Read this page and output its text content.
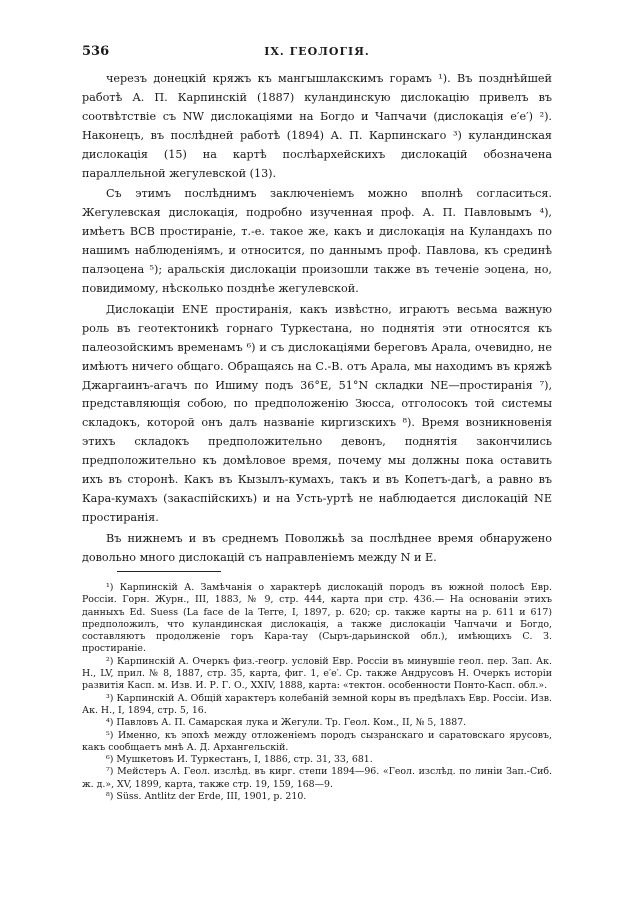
536	IX. ГЕОЛОГІЯ.

черезъ донецкій кряжъ къ мангышлакскимъ горамъ ¹). Въ позднѣйшей работѣ А. П. Карпинскій (1887) куландинскую дислокацію привелъ въ соотвѣтствіе съ NW дислокаціями на Богдо и Чапчачи (дислокація e′e′) ²). Наконецъ, въ послѣдней работѣ (1894) А. П. Карпинскаго ³) куландинская дислокація (15) на картѣ послѣархейскихъ дислокацій обозначена параллельной жегулевской (13).

Съ этимъ послѣднимъ заключеніемъ можно вполнѣ согласиться. Жегулевская дислокація, подробно изученная проф. А. П. Павловымъ ⁴), имѣетъ ВСВ простираніе, т.-е. такое же, какъ и дислокація на Куландахъ по нашимъ наблюденіямъ, и относится, по даннымъ проф. Павлова, къ срединѣ палэоцена ⁵); аральскія дислокаціи произошли также въ теченіе эоцена, но, повидимому, нѣсколько позднѣе жегулевской.

Дислокаціи ENE простиранія, какъ извѣстно, играютъ весьма важную роль въ геотектоникѣ горнаго Туркестана, но поднятія эти относятся къ палеозойскимъ временамъ ⁶) и съ дислокаціями береговъ Арала, очевидно, не имѣютъ ничего общаго. Обращаясь на С.-В. отъ Арала, мы находимъ въ кряжѣ Джаргаинъ-агачъ по Ишиму подъ 36°E, 51°N складки NE—простиранія ⁷), представляющія собою, по предположенію Зюсса, отголосокъ той системы складокъ, которой онъ далъ названіе киргизскихъ ⁸). Время возникновенія этихъ складокъ предположительно девонъ, поднятія закончились предположительно къ домѣловое время, почему мы должны пока оставить ихъ въ сторонѣ. Какъ въ Кызылъ-кумахъ, такъ и въ Копетъ-дагѣ, а равно въ Кара-кумахъ (закаспійскихъ) и на Усть-уртѣ не наблюдается дислокацій NE простиранія.

Въ нижнемъ и въ среднемъ Поволжьѣ за послѣднее время обнаружено довольно много дислокацій съ направленіемъ между N и E.

¹) Карпинскій А. Замѣчанія о характерѣ дислокацій породъ въ южной полосѣ Евр. Россіи. Горн. Журн., III, 1883, № 9, стр. 444, карта при стр. 436.— На основаніи этихъ данныхъ Ed. Suess (La face de la Terre, I, 1897, p. 620; ср. также карты на p. 611 и 617) предположилъ, что куландинская дислокація, а также дислокаціи Чапчачи и Богдо, составляютъ продолженіе горъ Кара-тау (Сыръ-дарьинской обл.), имѣющихъ С. З. простираніе.

²) Карпинскій А. Очеркъ физ.-геогр. условій Евр. Россіи въ минувшіе геол. пер. Зап. Ак. Н., LV, прил. № 8, 1887, стр. 35, карта, фиг. 1, e′e′. Ср. также Андрусовъ Н. Очеркъ исторіи развитія Касп. м. Изв. И. Р. Г. О., XXIV, 1888, карта: «тектон. особенности Понто-Касп. обл.».

³) Карпинскій А. Общій характеръ колебаній земной коры въ предѣлахъ Евр. Россіи. Изв. Ак. Н., I, 1894, стр. 5, 16.

⁴) Павловъ А. П. Самарская лука и Жегули. Тр. Геол. Ком., II, № 5, 1887.

⁵) Именно, къ эпохѣ между отложеніемъ породъ сызранскаго и саратовскаго ярусовъ, какъ сообщаетъ мнѣ А. Д. Архангельскій.

⁶) Мушкетовъ И. Туркестанъ, I, 1886, стр. 31, 33, 681.

⁷) Мейстеръ А. Геол. изслѣд. въ кирг. степи 1894—96. «Геол. изслѣд. по линіи Зап.-Сиб. ж. д.», XV, 1899, карта, также стр. 19, 159, 168—9.

⁸) Süss. Antlitz der Erde, III, 1901, p. 210.
